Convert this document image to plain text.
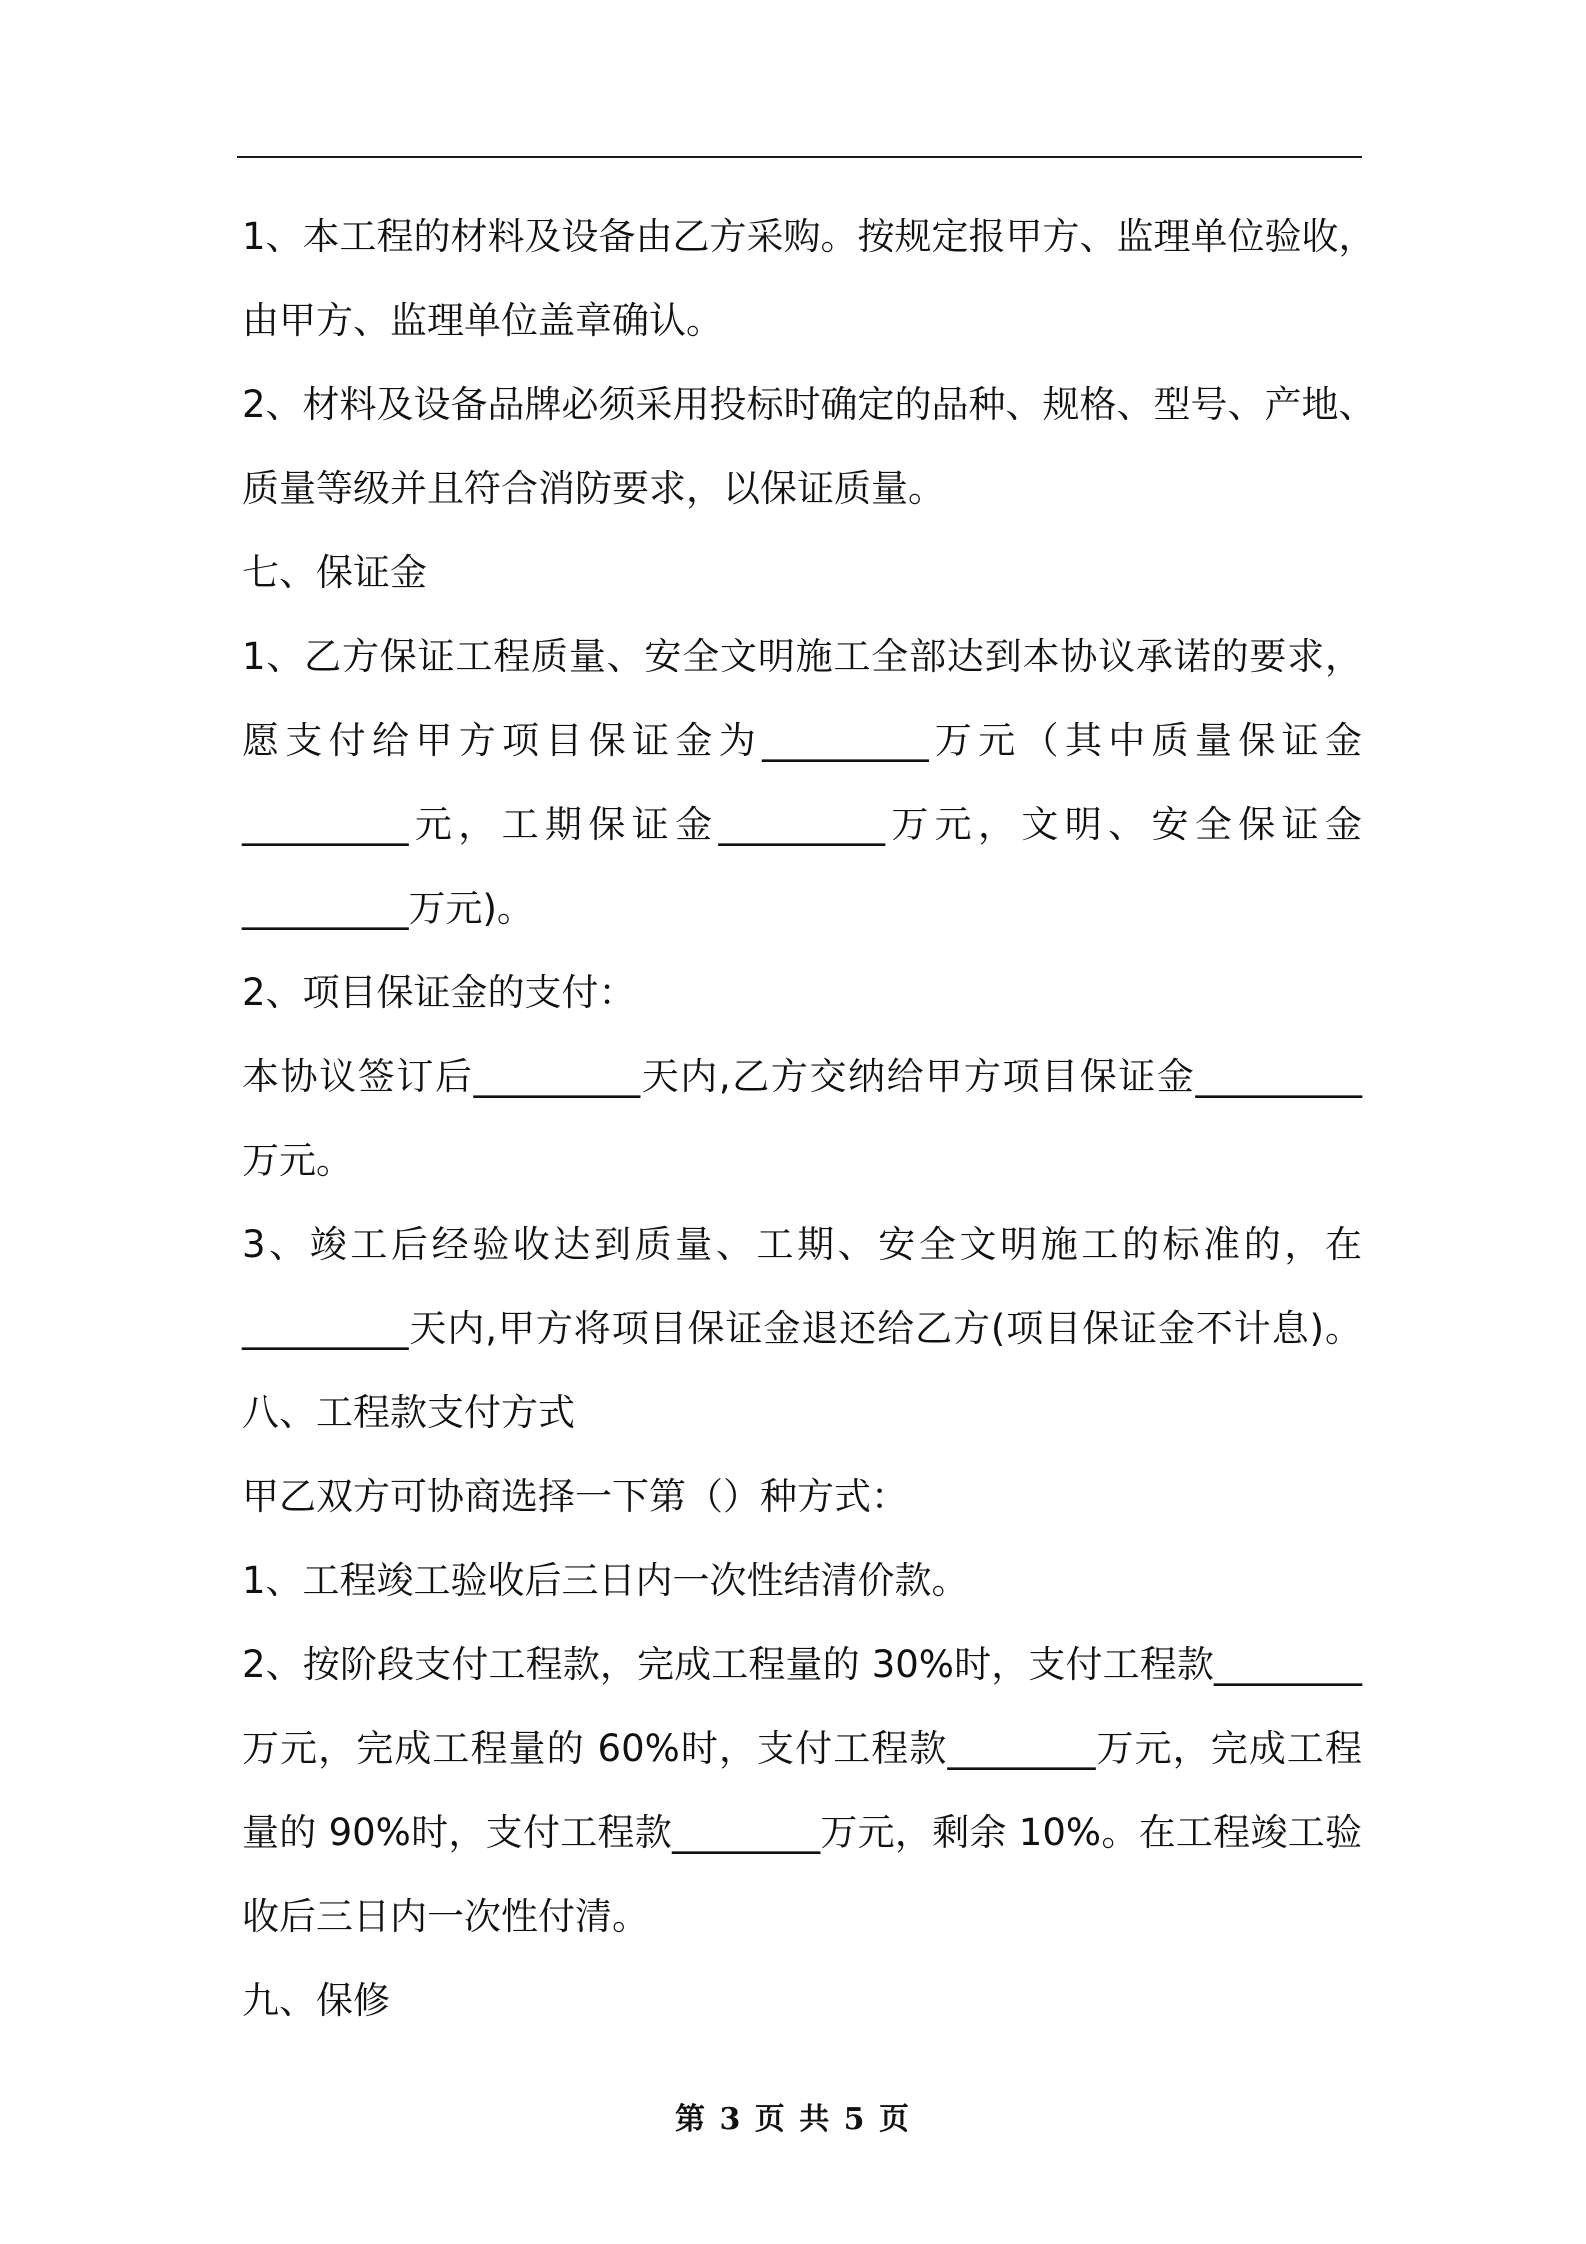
1、本工程的材料及设备由乙方采购。按规定报甲方、监理单位验收，
由甲方、监理单位盖章确认。
2、材料及设备品牌必须采用投标时确定的品种、规格、型号、产地、
质量等级并且符合消防要求，以保证质量。
七、保证金
1、乙方保证工程质量、安全文明施工全部达到本协议承诺的要求，
愿支付给甲方项目保证金为_________万元（其中质量保证金
_________元，工期保证金_________万元，文明、安全保证金
_________万元)。
2、项目保证金的支付：
本协议签订后_________天内,乙方交纳给甲方项目保证金_________
万元。
3、竣工后经验收达到质量、工期、安全文明施工的标准的，在
_________天内,甲方将项目保证金退还给乙方(项目保证金不计息)。
八、工程款支付方式
甲乙双方可协商选择一下第（）种方式：
1、工程竣工验收后三日内一次性结清价款。
2、按阶段支付工程款，完成工程量的 30%时，支付工程款________
万元，完成工程量的 60%时，支付工程款________万元，完成工程
量的 90%时，支付工程款________万元，剩余 10%。在工程竣工验
收后三日内一次性付清。
九、保修
第 3 页 共 5 页
